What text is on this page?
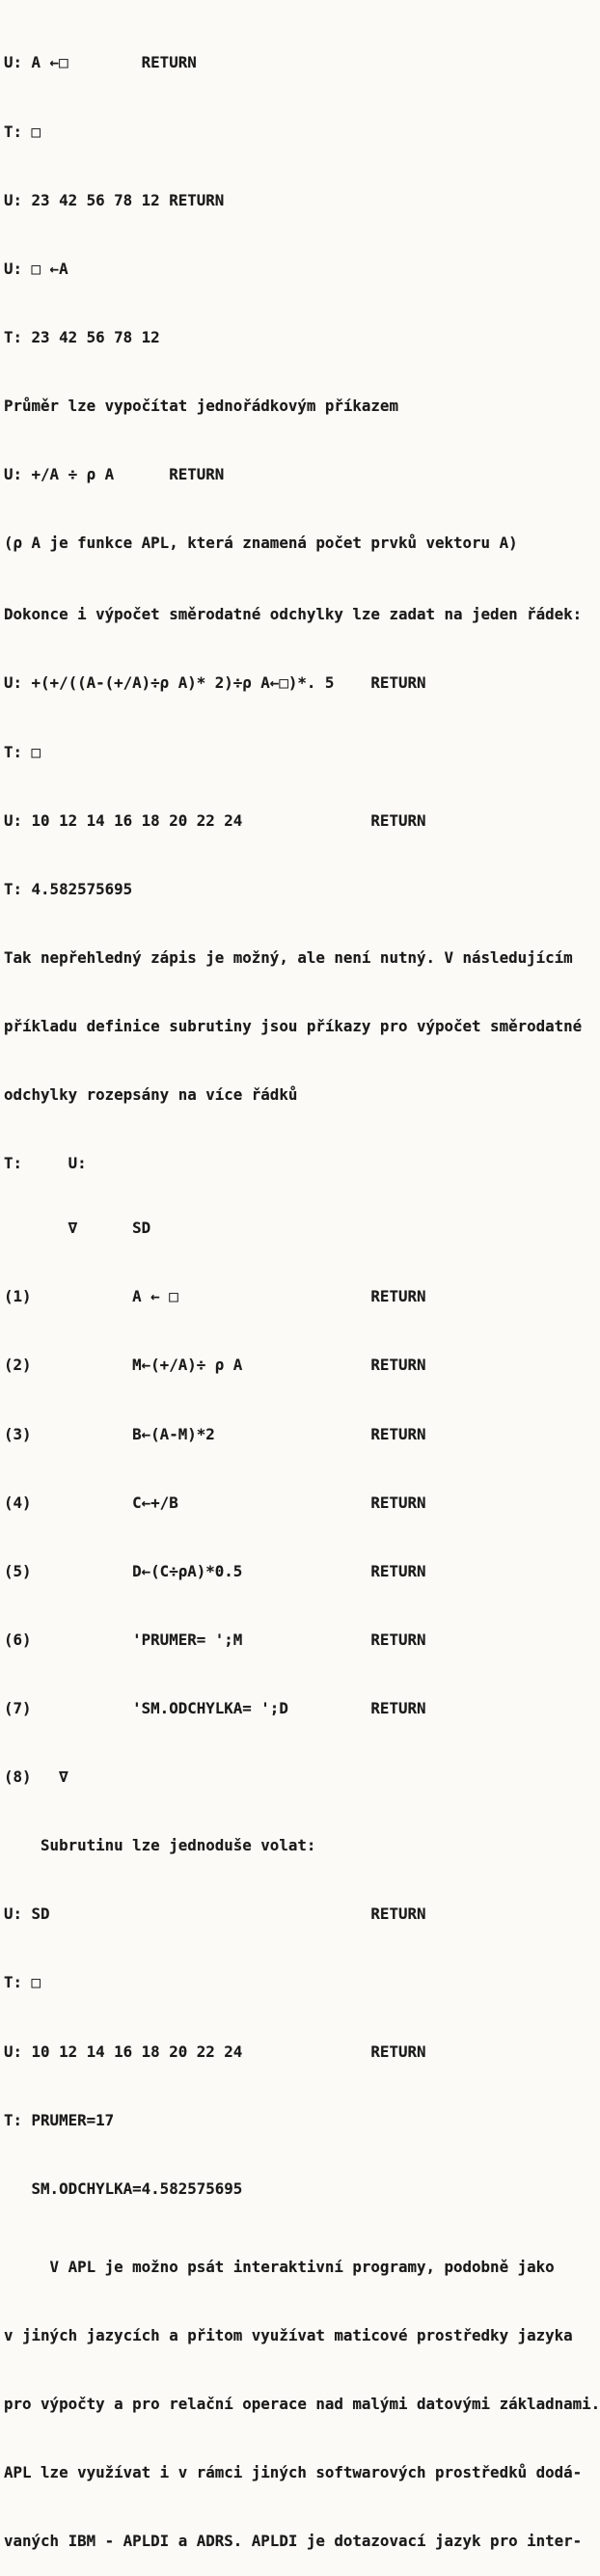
U: A ←□        RETURN

T: □

U: 23 42 56 78 12 RETURN

U: □ ←A

T: 23 42 56 78 12

Průměr lze vypočítat jednořádkovým příkazem

U: +/A ÷ ρ A      RETURN

(ρ A je funkce APL, která znamená počet prvků vektoru A)

Dokonce i výpočet směrodatné odchylky lze zadat na jeden řádek:

U: +(+/((A-(+/A)÷ρ A)* 2)÷ρ A←□)*. 5    RETURN

T: □

U: 10 12 14 16 18 20 22 24              RETURN

T: 4.582575695

Tak nepřehledný zápis je možný, ale není nutný. V následujícím

příkladu definice subrutiny jsou příkazy pro výpočet směrodatné

odchylky rozepsány na více řádků

T:     U:

∇      SD

(1)           A ← □                     RETURN

(2)           M←(+/A)÷ ρ A              RETURN

(3)           B←(A-M)*2                 RETURN

(4)           C←+/B                     RETURN

(5)           D←(C÷ρA)*0.5              RETURN

(6)           'PRUMER= ';M              RETURN

(7)           'SM.ODCHYLKA= ';D         RETURN

(8)   ∇

Subrutinu lze jednoduše volat:

U: SD                                   RETURN

T: □

U: 10 12 14 16 18 20 22 24              RETURN

T: PRUMER=17

SM.ODCHYLKA=4.582575695

V APL je možno psát interaktivní programy, podobně jako

v jiných jazycích a přitom využívat maticové prostředky jazyka

pro výpočty a pro relační operace nad malými datovými základnami.

APL lze využívat i v rámci jiných softwarových prostředků dodá-

vaných IBM - APLDI a ADRS. APLDI je dotazovací jazyk pro inter-
